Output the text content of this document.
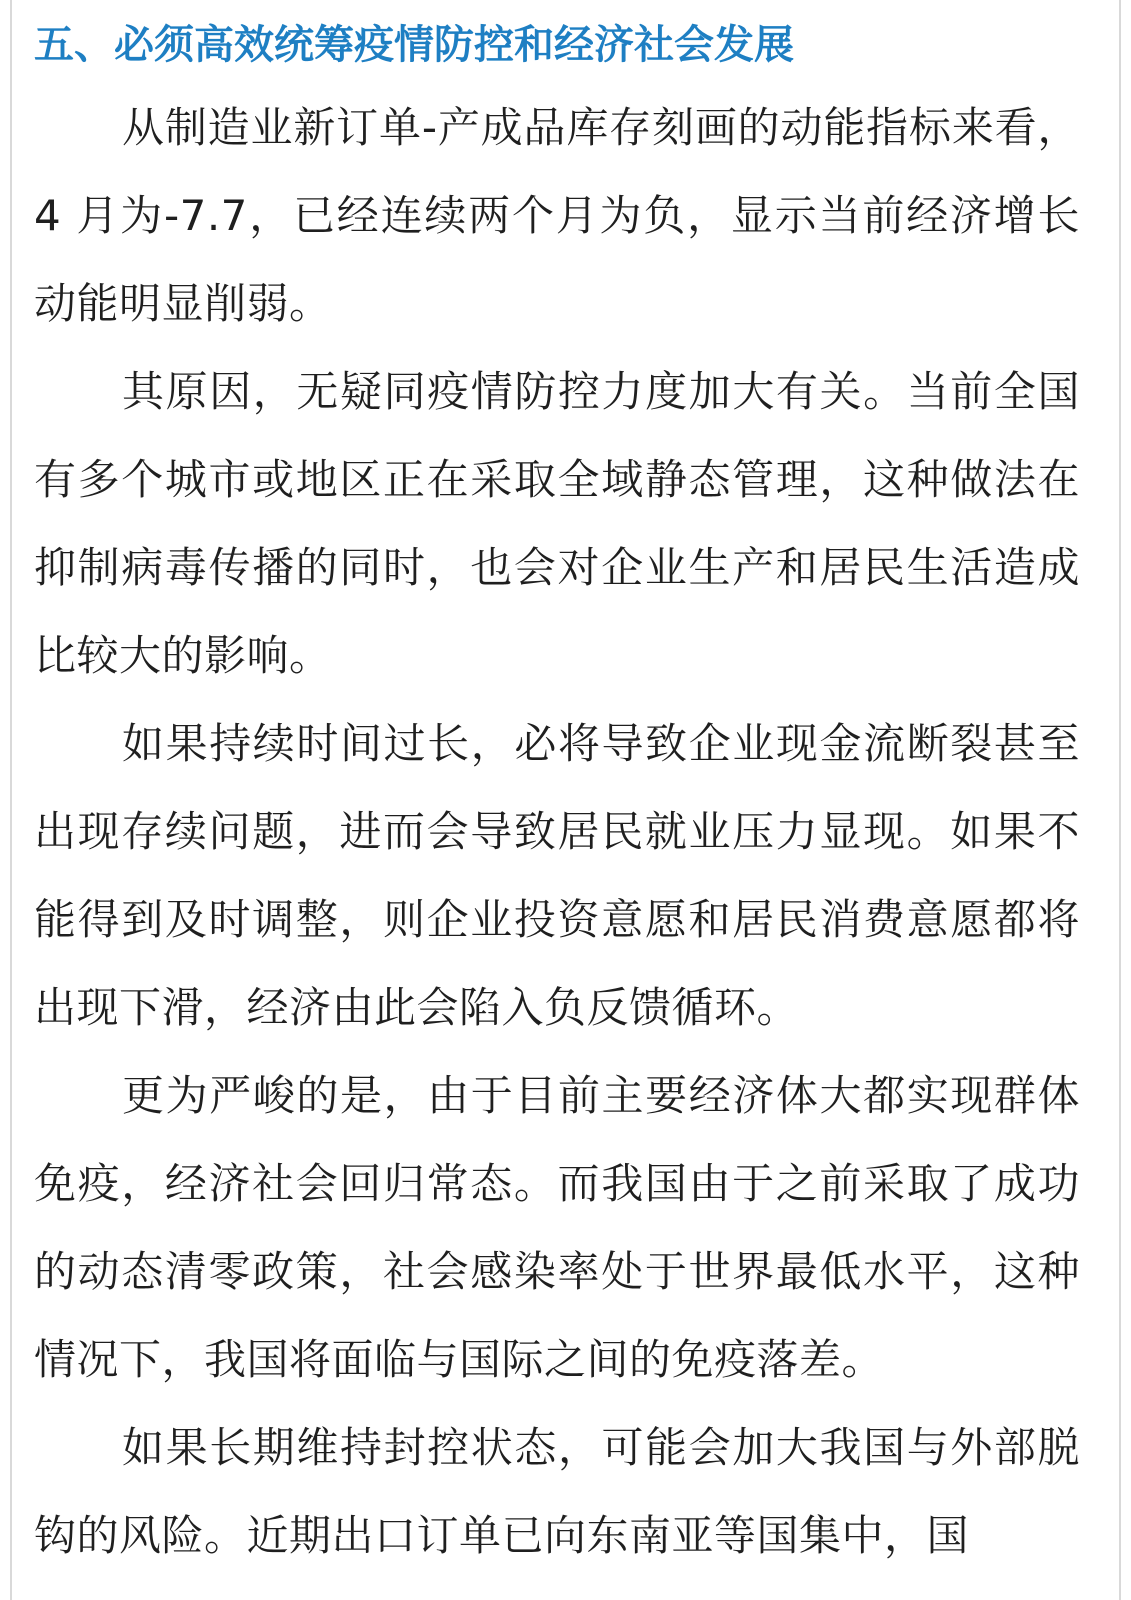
五、必须高效统筹疫情防控和经济社会发展

从制造业新订单-产成品库存刻画的动能指标来看，4 月为-7.7，已经连续两个月为负，显示当前经济增长动能明显削弱。

其原因，无疑同疫情防控力度加大有关。当前全国有多个城市或地区正在采取全域静态管理，这种做法在抑制病毒传播的同时，也会对企业生产和居民生活造成比较大的影响。

如果持续时间过长，必将导致企业现金流断裂甚至出现存续问题，进而会导致居民就业压力显现。如果不能得到及时调整，则企业投资意愿和居民消费意愿都将出现下滑，经济由此会陷入负反馈循环。

更为严峻的是，由于目前主要经济体大都实现群体免疫，经济社会回归常态。而我国由于之前采取了成功的动态清零政策，社会感染率处于世界最低水平，这种情况下，我国将面临与国际之间的免疫落差。

如果长期维持封控状态，可能会加大我国与外部脱钩的风险。近期出口订单已向东南亚等国集中，国
